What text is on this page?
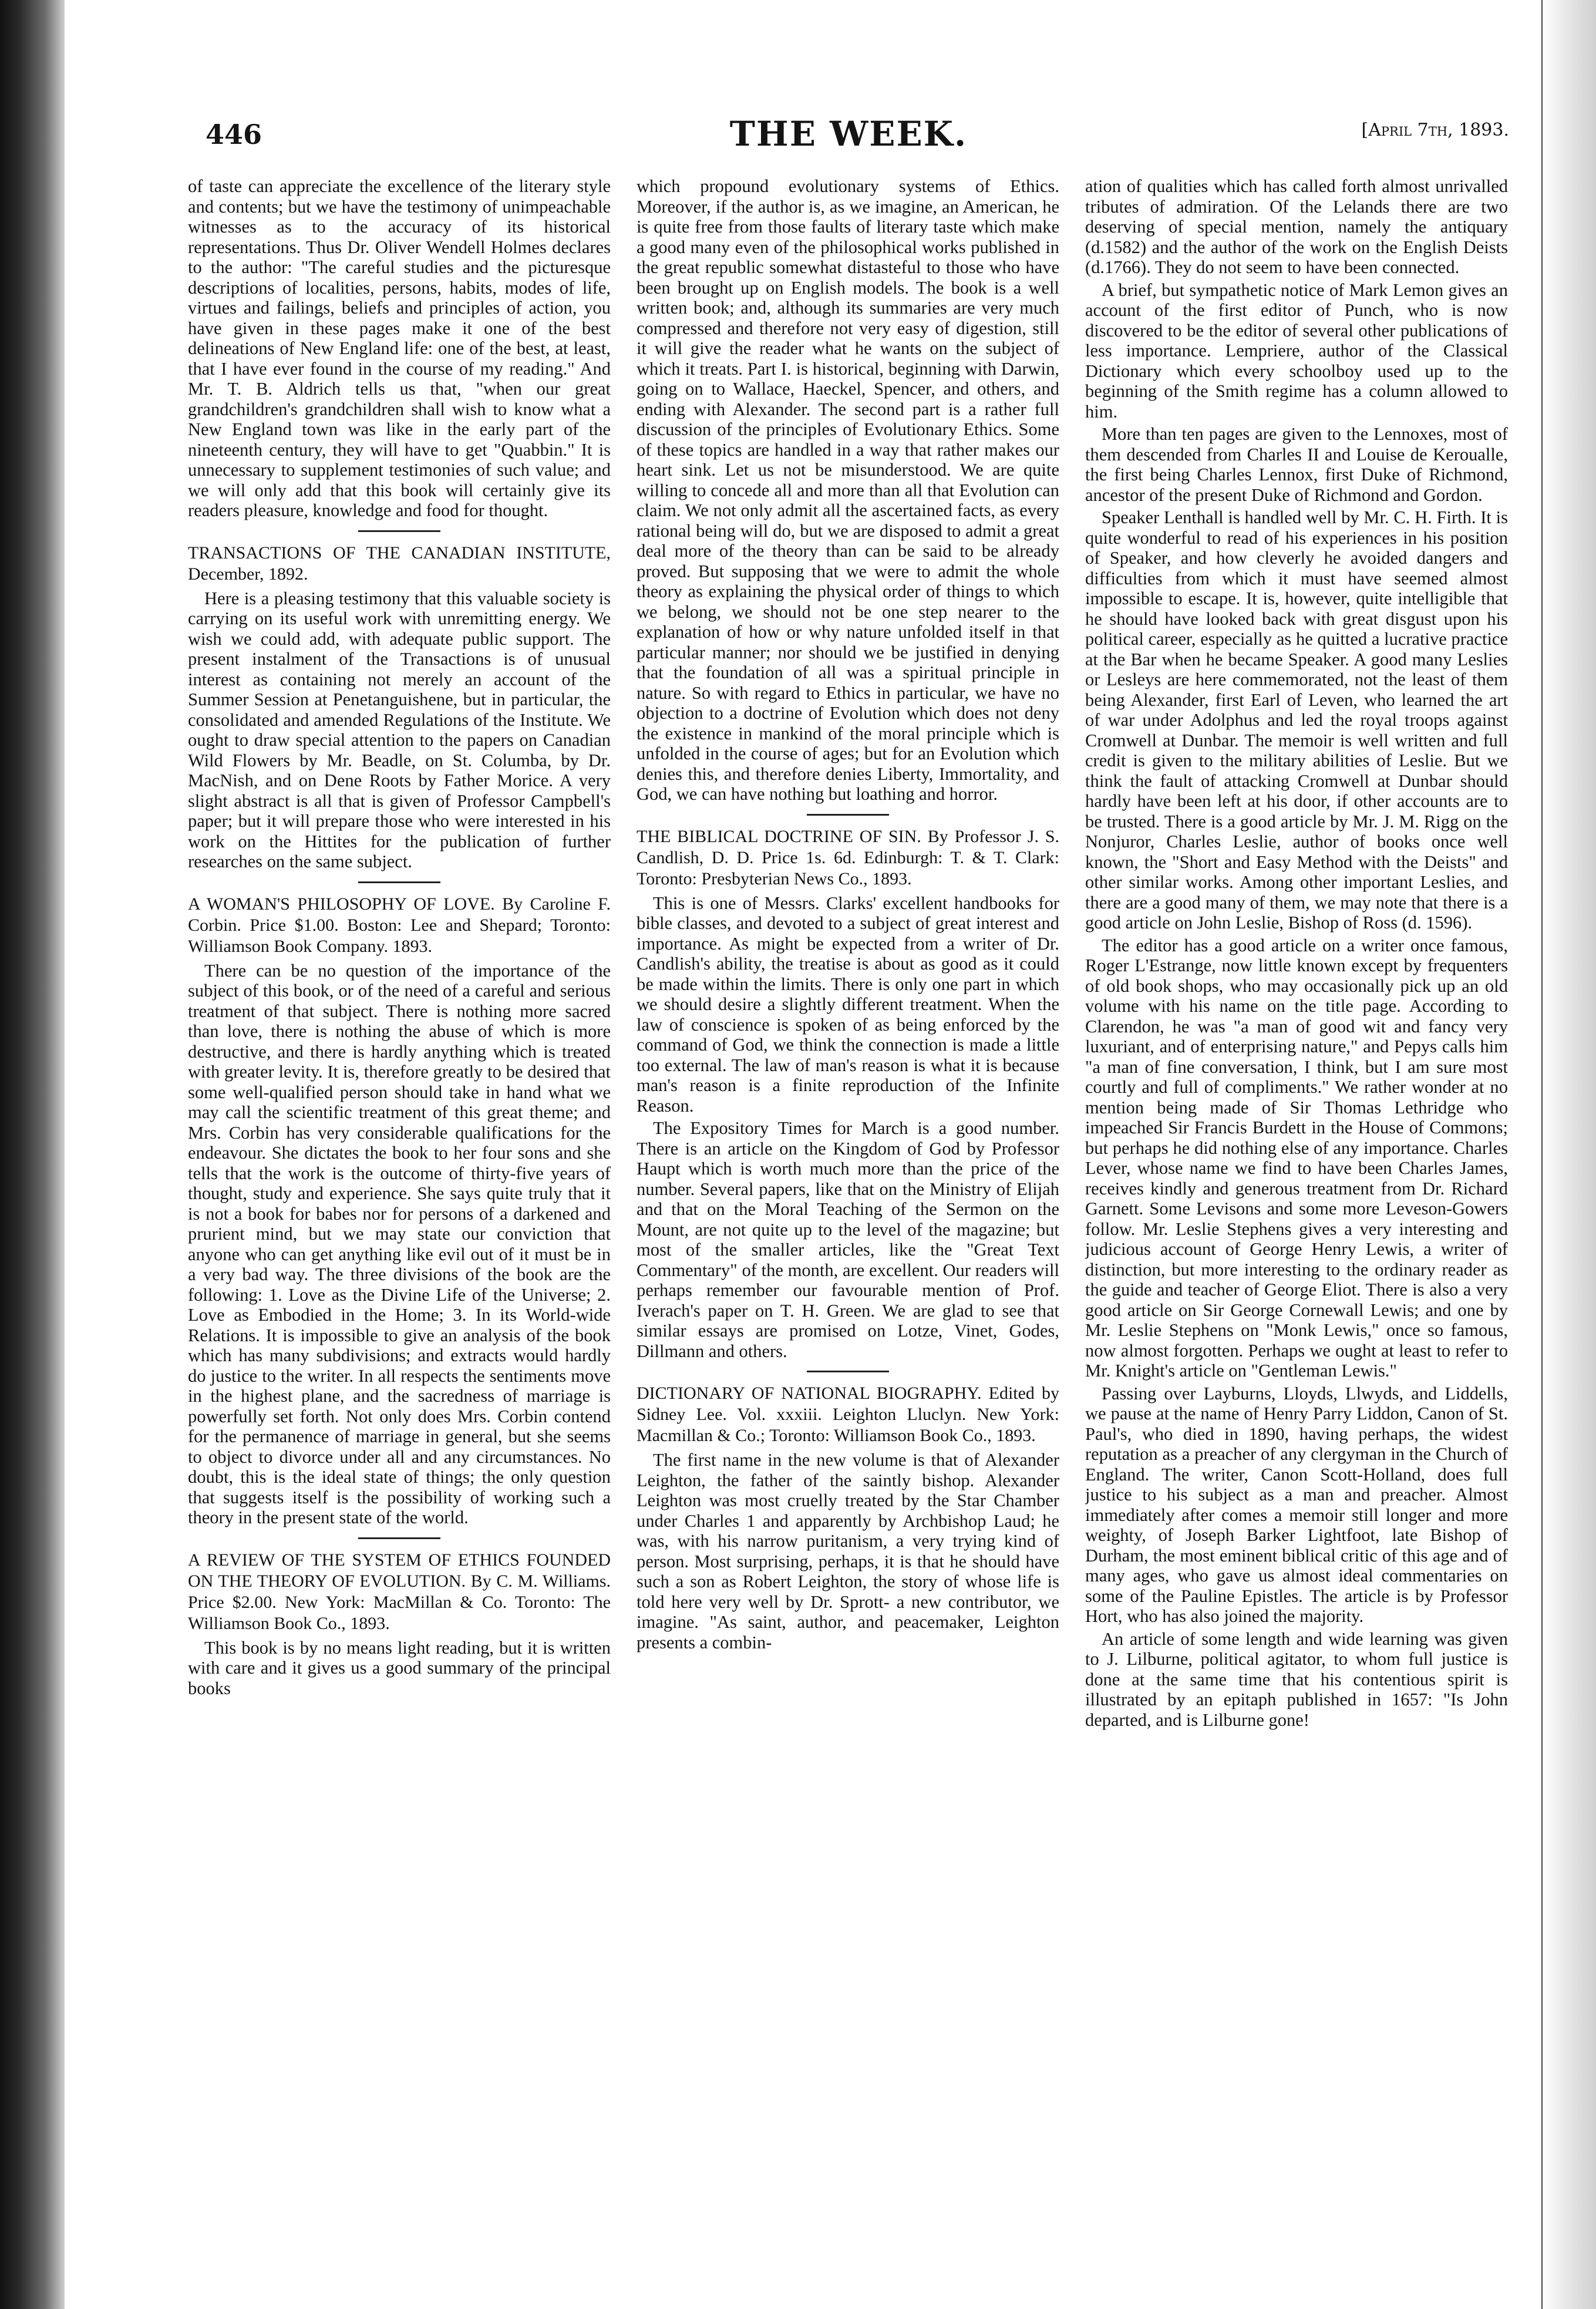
446	THE WEEK.	[April 7th, 1893.

of taste can appreciate the excellence of the literary style and contents; but we have the testimony of unimpeachable witnesses as to the accuracy of its historical representations. Thus Dr. Oliver Wendell Holmes declares to the author: "The careful studies and the picturesque descriptions of localities, persons, habits, modes of life, virtues and failings, beliefs and principles of action, you have given in these pages make it one of the best delineations of New England life: one of the best, at least, that I have ever found in the course of my reading." And Mr. T. B. Aldrich tells us that, "when our great grandchildren's grandchildren shall wish to know what a New England town was like in the early part of the nineteenth century, they will have to get "Quabbin." It is unnecessary to supplement testimonies of such value; and we will only add that this book will certainly give its readers pleasure, knowledge and food for thought.

TRANSACTIONS OF THE CANADIAN INSTITUTE, December, 1892.

Here is a pleasing testimony that this valuable society is carrying on its useful work with unremitting energy. We wish we could add, with adequate public support. The present instalment of the Transactions is of unusual interest as containing not merely an account of the Summer Session at Penetanguishene, but in particular, the consolidated and amended Regulations of the Institute. We ought to draw special attention to the papers on Canadian Wild Flowers by Mr. Beadle, on St. Columba, by Dr. MacNish, and on Dene Roots by Father Morice. A very slight abstract is all that is given of Professor Campbell's paper; but it will prepare those who were interested in his work on the Hittites for the publication of further researches on the same subject.

A WOMAN'S PHILOSOPHY OF LOVE. By Caroline F. Corbin. Price $1.00. Boston: Lee and Shepard; Toronto: Williamson Book Company. 1893.

There can be no question of the importance of the subject of this book, or of the need of a careful and serious treatment of that subject. There is nothing more sacred than love, there is nothing the abuse of which is more destructive, and there is hardly anything which is treated with greater levity. It is, therefore greatly to be desired that some well-qualified person should take in hand what we may call the scientific treatment of this great theme; and Mrs. Corbin has very considerable qualifications for the endeavour. She dictates the book to her four sons and she tells that the work is the outcome of thirty-five years of thought, study and experience. She says quite truly that it is not a book for babes nor for persons of a darkened and prurient mind, but we may state our conviction that anyone who can get anything like evil out of it must be in a very bad way. The three divisions of the book are the following: 1. Love as the Divine Life of the Universe; 2. Love as Embodied in the Home; 3. In its World-wide Relations. It is impossible to give an analysis of the book which has many subdivisions; and extracts would hardly do justice to the writer. In all respects the sentiments move in the highest plane, and the sacredness of marriage is powerfully set forth. Not only does Mrs. Corbin contend for the permanence of marriage in general, but she seems to object to divorce under all and any circumstances. No doubt, this is the ideal state of things; the only question that suggests itself is the possibility of working such a theory in the present state of the world.

A REVIEW OF THE SYSTEM OF ETHICS FOUNDED ON THE THEORY OF EVOLUTION. By C. M. Williams. Price $2.00. New York: MacMillan & Co. Toronto: The Williamson Book Co., 1893.

This book is by no means light reading, but it is written with care and it gives us a good summary of the principal books

which propound evolutionary systems of Ethics. Moreover, if the author is, as we imagine, an American, he is quite free from those faults of literary taste which make a good many even of the philosophical works published in the great republic somewhat distasteful to those who have been brought up on English models. The book is a well written book; and, although its summaries are very much compressed and therefore not very easy of digestion, still it will give the reader what he wants on the subject of which it treats. Part I. is historical, beginning with Darwin, going on to Wallace, Haeckel, Spencer, and others, and ending with Alexander. The second part is a rather full discussion of the principles of Evolutionary Ethics. Some of these topics are handled in a way that rather makes our heart sink. Let us not be misunderstood. We are quite willing to concede all and more than all that Evolution can claim. We not only admit all the ascertained facts, as every rational being will do, but we are disposed to admit a great deal more of the theory than can be said to be already proved. But supposing that we were to admit the whole theory as explaining the physical order of things to which we belong, we should not be one step nearer to the explanation of how or why nature unfolded itself in that particular manner; nor should we be justified in denying that the foundation of all was a spiritual principle in nature. So with regard to Ethics in particular, we have no objection to a doctrine of Evolution which does not deny the existence in mankind of the moral principle which is unfolded in the course of ages; but for an Evolution which denies this, and therefore denies Liberty, Immortality, and God, we can have nothing but loathing and horror.

THE BIBLICAL DOCTRINE OF SIN. By Professor J. S. Candlish, D. D. Price 1s. 6d. Edinburgh: T. & T. Clark: Toronto: Presbyterian News Co., 1893.

This is one of Messrs. Clarks' excellent handbooks for bible classes, and devoted to a subject of great interest and importance. As might be expected from a writer of Dr. Candlish's ability, the treatise is about as good as it could be made within the limits. There is only one part in which we should desire a slightly different treatment. When the law of conscience is spoken of as being enforced by the command of God, we think the connection is made a little too external. The law of man's reason is what it is because man's reason is a finite reproduction of the Infinite Reason.

The Expository Times for March is a good number. There is an article on the Kingdom of God by Professor Haupt which is worth much more than the price of the number. Several papers, like that on the Ministry of Elijah and that on the Moral Teaching of the Sermon on the Mount, are not quite up to the level of the magazine; but most of the smaller articles, like the "Great Text Commentary" of the month, are excellent. Our readers will perhaps remember our favourable mention of Prof. Iverach's paper on T. H. Green. We are glad to see that similar essays are promised on Lotze, Vinet, Godes, Dillmann and others.

DICTIONARY OF NATIONAL BIOGRAPHY. Edited by Sidney Lee. Vol. xxxiii. Leighton Lluclyn. New York: Macmillan & Co.; Toronto: Williamson Book Co., 1893.

The first name in the new volume is that of Alexander Leighton, the father of the saintly bishop. Alexander Leighton was most cruelly treated by the Star Chamber under Charles 1 and apparently by Archbishop Laud; he was, with his narrow puritanism, a very trying kind of person. Most surprising, perhaps, it is that he should have such a son as Robert Leighton, the story of whose life is told here very well by Dr. Sprott- a new contributor, we imagine. "As saint, author, and peacemaker, Leighton presents a combin-

ation of qualities which has called forth almost unrivalled tributes of admiration. Of the Lelands there are two deserving of special mention, namely the antiquary (d.1582) and the author of the work on the English Deists (d.1766). They do not seem to have been connected.

A brief, but sympathetic notice of Mark Lemon gives an account of the first editor of Punch, who is now discovered to be the editor of several other publications of less importance. Lempriere, author of the Classical Dictionary which every schoolboy used up to the beginning of the Smith regime has a column allowed to him.

More than ten pages are given to the Lennoxes, most of them descended from Charles II and Louise de Keroualle, the first being Charles Lennox, first Duke of Richmond, ancestor of the present Duke of Richmond and Gordon.

Speaker Lenthall is handled well by Mr. C. H. Firth. It is quite wonderful to read of his experiences in his position of Speaker, and how cleverly he avoided dangers and difficulties from which it must have seemed almost impossible to escape. It is, however, quite intelligible that he should have looked back with great disgust upon his political career, especially as he quitted a lucrative practice at the Bar when he became Speaker. A good many Leslies or Lesleys are here commemorated, not the least of them being Alexander, first Earl of Leven, who learned the art of war under Adolphus and led the royal troops against Cromwell at Dunbar. The memoir is well written and full credit is given to the military abilities of Leslie. But we think the fault of attacking Cromwell at Dunbar should hardly have been left at his door, if other accounts are to be trusted. There is a good article by Mr. J. M. Rigg on the Nonjuror, Charles Leslie, author of books once well known, the "Short and Easy Method with the Deists" and other similar works. Among other important Leslies, and there are a good many of them, we may note that there is a good article on John Leslie, Bishop of Ross (d. 1596).

The editor has a good article on a writer once famous, Roger L'Estrange, now little known except by frequenters of old book shops, who may occasionally pick up an old volume with his name on the title page. According to Clarendon, he was "a man of good wit and fancy very luxuriant, and of enterprising nature," and Pepys calls him "a man of fine conversation, I think, but I am sure most courtly and full of compliments." We rather wonder at no mention being made of Sir Thomas Lethridge who impeached Sir Francis Burdett in the House of Commons; but perhaps he did nothing else of any importance. Charles Lever, whose name we find to have been Charles James, receives kindly and generous treatment from Dr. Richard Garnett. Some Levisons and some more Leveson-Gowers follow. Mr. Leslie Stephens gives a very interesting and judicious account of George Henry Lewis, a writer of distinction, but more interesting to the ordinary reader as the guide and teacher of George Eliot. There is also a very good article on Sir George Cornewall Lewis; and one by Mr. Leslie Stephens on "Monk Lewis," once so famous, now almost forgotten. Perhaps we ought at least to refer to Mr. Knight's article on "Gentleman Lewis."

Passing over Layburns, Lloyds, Llwyds, and Liddells, we pause at the name of Henry Parry Liddon, Canon of St. Paul's, who died in 1890, having perhaps, the widest reputation as a preacher of any clergyman in the Church of England. The writer, Canon Scott-Holland, does full justice to his subject as a man and preacher. Almost immediately after comes a memoir still longer and more weighty, of Joseph Barker Lightfoot, late Bishop of Durham, the most eminent biblical critic of this age and of many ages, who gave us almost ideal commentaries on some of the Pauline Epistles. The article is by Professor Hort, who has also joined the majority.

An article of some length and wide learning was given to J. Lilburne, political agitator, to whom full justice is done at the same time that his contentious spirit is illustrated by an epitaph published in 1657: "Is John departed, and is Lilburne gone!
